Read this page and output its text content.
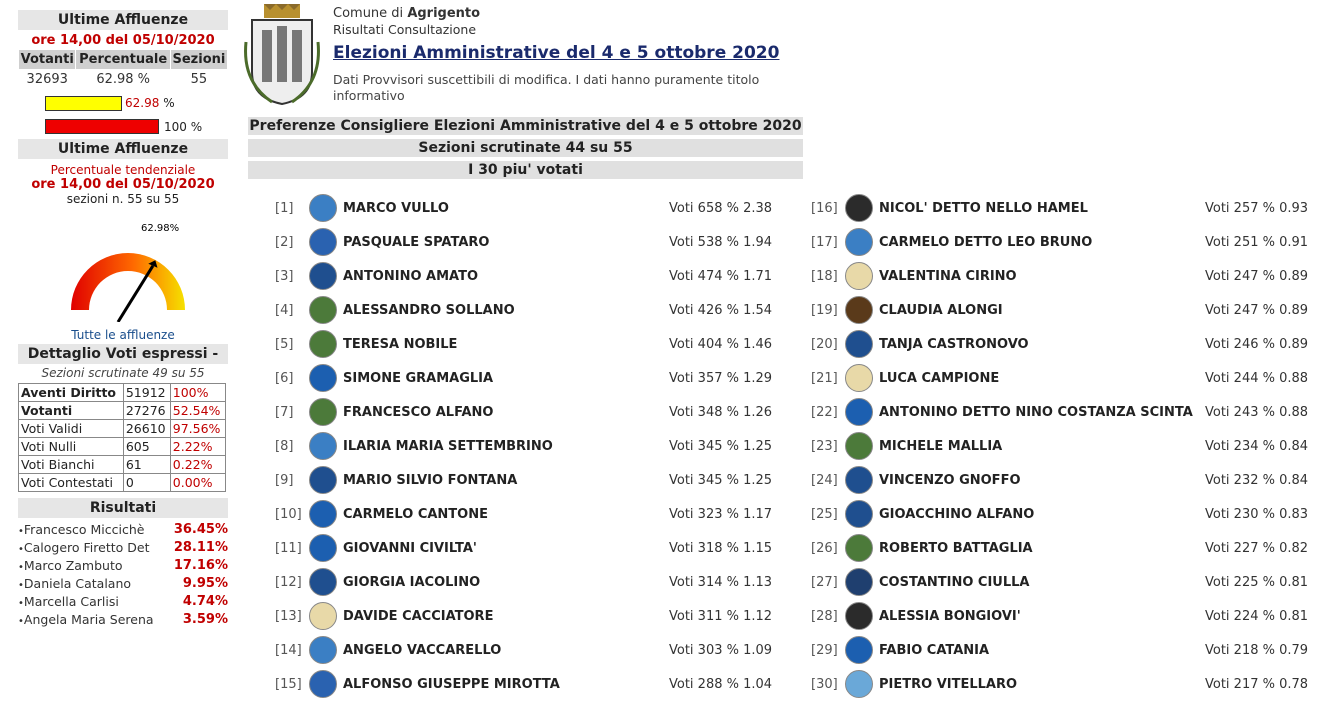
Ultime Affluenze
ore 14,00 del 05/10/2020
Votanti	Percentuale	Sezioni
32693	62.98 %	55
62.98 %
100 %
Ultime Affluenze
Percentuale tendenziale
ore 14,00 del 05/10/2020
sezioni n. 55 su 55
62.98%
Tutte le affluenze
Dettaglio Voti espressi -
Sezioni scrutinate 49 su 55
Aventi Diritto	51912	100%
Votanti	27276	52.54%
Voti Validi	26610	97.56%
Voti Nulli	605	2.22%
Voti Bianchi	61	0.22%
Voti Contestati	0	0.00%
Risultati
• Francesco Miccichè	36.45%
• Calogero Firetto Det	28.11%
• Marco Zambuto	17.16%
• Daniela Catalano	9.95%
• Marcella Carlisi	4.74%
• Angela Maria Serena	3.59%
Comune di Agrigento
Risultati Consultazione
Elezioni Amministrative del 4 e 5 ottobre 2020
Dati Provvisori suscettibili di modifica. I dati hanno puramente titolo informativo
Preferenze Consigliere Elezioni Amministrative del 4 e 5 ottobre 2020
Sezioni scrutinate 44 su 55
I 30 piu' votati
[1]	MARCO VULLO	Voti 658 % 2.38
[2]	PASQUALE SPATARO	Voti 538 % 1.94
[3]	ANTONINO AMATO	Voti 474 % 1.71
[4]	ALESSANDRO SOLLANO	Voti 426 % 1.54
[5]	TERESA NOBILE	Voti 404 % 1.46
[6]	SIMONE GRAMAGLIA	Voti 357 % 1.29
[7]	FRANCESCO ALFANO	Voti 348 % 1.26
[8]	ILARIA MARIA SETTEMBRINO	Voti 345 % 1.25
[9]	MARIO SILVIO FONTANA	Voti 345 % 1.25
[10]	CARMELO CANTONE	Voti 323 % 1.17
[11]	GIOVANNI CIVILTA'	Voti 318 % 1.15
[12]	GIORGIA IACOLINO	Voti 314 % 1.13
[13]	DAVIDE CACCIATORE	Voti 311 % 1.12
[14]	ANGELO VACCARELLO	Voti 303 % 1.09
[15]	ALFONSO GIUSEPPE MIROTTA	Voti 288 % 1.04
[16]	NICOL' DETTO NELLO HAMEL	Voti 257 % 0.93
[17]	CARMELO DETTO LEO BRUNO	Voti 251 % 0.91
[18]	VALENTINA CIRINO	Voti 247 % 0.89
[19]	CLAUDIA ALONGI	Voti 247 % 0.89
[20]	TANJA CASTRONOVO	Voti 246 % 0.89
[21]	LUCA CAMPIONE	Voti 244 % 0.88
[22]	ANTONINO DETTO NINO COSTANZA SCINTA Voti 243 % 0.88
[23]	MICHELE MALLIA	Voti 234 % 0.84
[24]	VINCENZO GNOFFO	Voti 232 % 0.84
[25]	GIOACCHINO ALFANO	Voti 230 % 0.83
[26]	ROBERTO BATTAGLIA	Voti 227 % 0.82
[27]	COSTANTINO CIULLA	Voti 225 % 0.81
[28]	ALESSIA BONGIOVI'	Voti 224 % 0.81
[29]	FABIO CATANIA	Voti 218 % 0.79
[30]	PIETRO VITELLARO	Voti 217 % 0.78
